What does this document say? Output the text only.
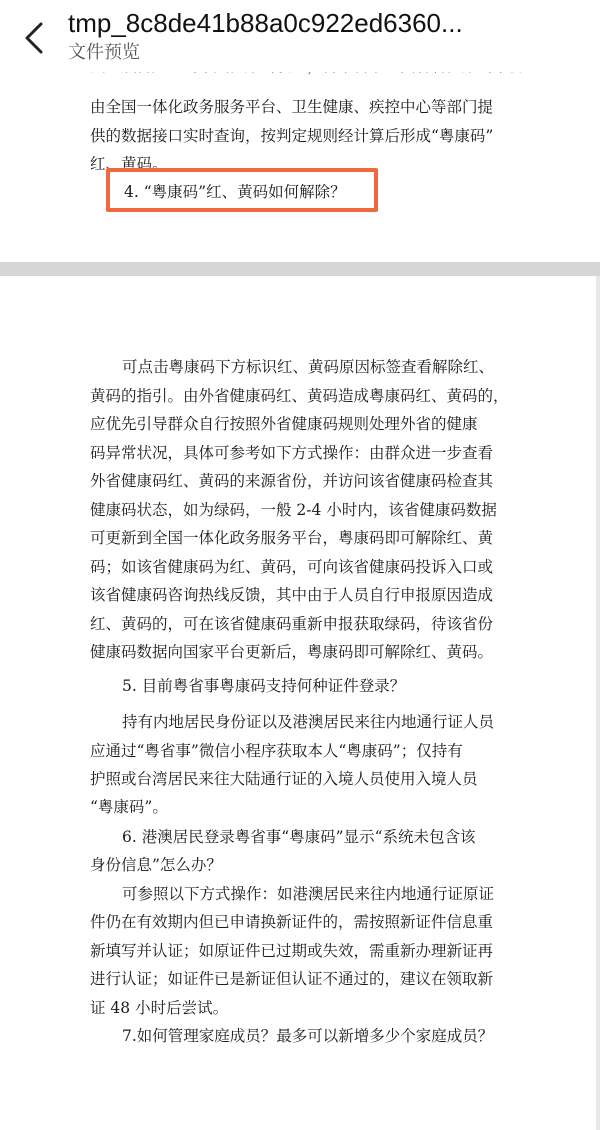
由全国一体化政务服务平台、卫生健康、疾控中心等部门提
供的数据接口实时查询，按判定规则经计算后形成“粤康码”
红、黄码。
4. “粤康码”红、黄码如何解除？
可点击粤康码下方标识红、黄码原因标签查看解除红、
黄码的指引。由外省健康码红、黄码造成粤康码红、黄码的，
应优先引导群众自行按照外省健康码规则处理外省的健康
码异常状况，具体可参考如下方式操作：由群众进一步查看
外省健康码红、黄码的来源省份，并访问该省健康码检查其
健康码状态，如为绿码，一般 2-4 小时内，该省健康码数据
可更新到全国一体化政务服务平台，粤康码即可解除红、黄
码；如该省健康码为红、黄码，可向该省健康码投诉入口或
该省健康码咨询热线反馈，其中由于人员自行申报原因造成
红、黄码的，可在该省健康码重新申报获取绿码，待该省份
健康码数据向国家平台更新后，粤康码即可解除红、黄码。
5. 目前粤省事粤康码支持何种证件登录？
持有内地居民身份证以及港澳居民来往内地通行证人员
应通过“粤省事”微信小程序获取本人“粤康码”；仅持有
护照或台湾居民来往大陆通行证的入境人员使用入境人员
“粤康码”。
6. 港澳居民登录粤省事“粤康码”显示“系统未包含该
身份信息”怎么办？
可参照以下方式操作：如港澳居民来往内地通行证原证
件仍在有效期内但已申请换新证件的，需按照新证件信息重
新填写并认证；如原证件已过期或失效，需重新办理新证再
进行认证；如证件已是新证但认证不通过的，建议在领取新
证 48 小时后尝试。
7.如何管理家庭成员？最多可以新增多少个家庭成员？
tmp_8c8de41b88a0c922ed6360...
文件预览
